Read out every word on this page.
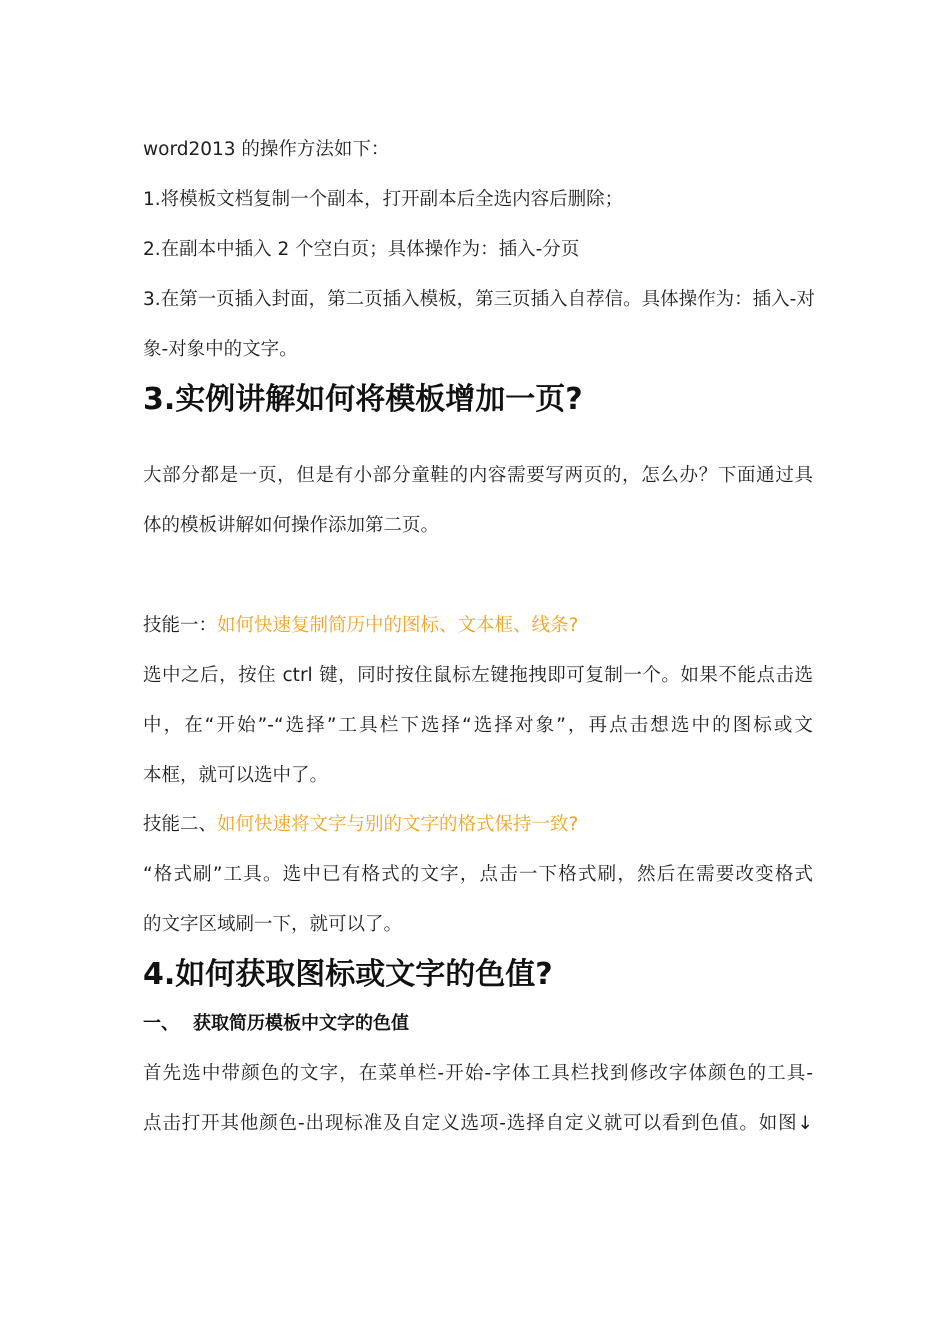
word2013 的操作方法如下：
1.将模板文档复制一个副本，打开副本后全选内容后删除；
2.在副本中插入 2 个空白页；具体操作为：插入-分页
3.在第一页插入封面，第二页插入模板，第三页插入自荐信。具体操作为：插入-对
象-对象中的文字。
3.实例讲解如何将模板增加一页?
大部分都是一页，但是有小部分童鞋的内容需要写两页的，怎么办？下面通过具
体的模板讲解如何操作添加第二页。
技能一：如何快速复制简历中的图标、文本框、线条?
选中之后，按住 ctrl 键，同时按住鼠标左键拖拽即可复制一个。如果不能点击选
中，在“开始”-“选择”工具栏下选择“选择对象”，再点击想选中的图标或文
本框，就可以选中了。
技能二、如何快速将文字与别的文字的格式保持一致?
“格式刷”工具。选中已有格式的文字，点击一下格式刷，然后在需要改变格式
的文字区域刷一下，就可以了。
4.如何获取图标或文字的色值?
一、 获取简历模板中文字的色值
首先选中带颜色的文字，在菜单栏-开始-字体工具栏找到修改字体颜色的工具-
点击打开其他颜色-出现标准及自定义选项-选择自定义就可以看到色值。如图↓
